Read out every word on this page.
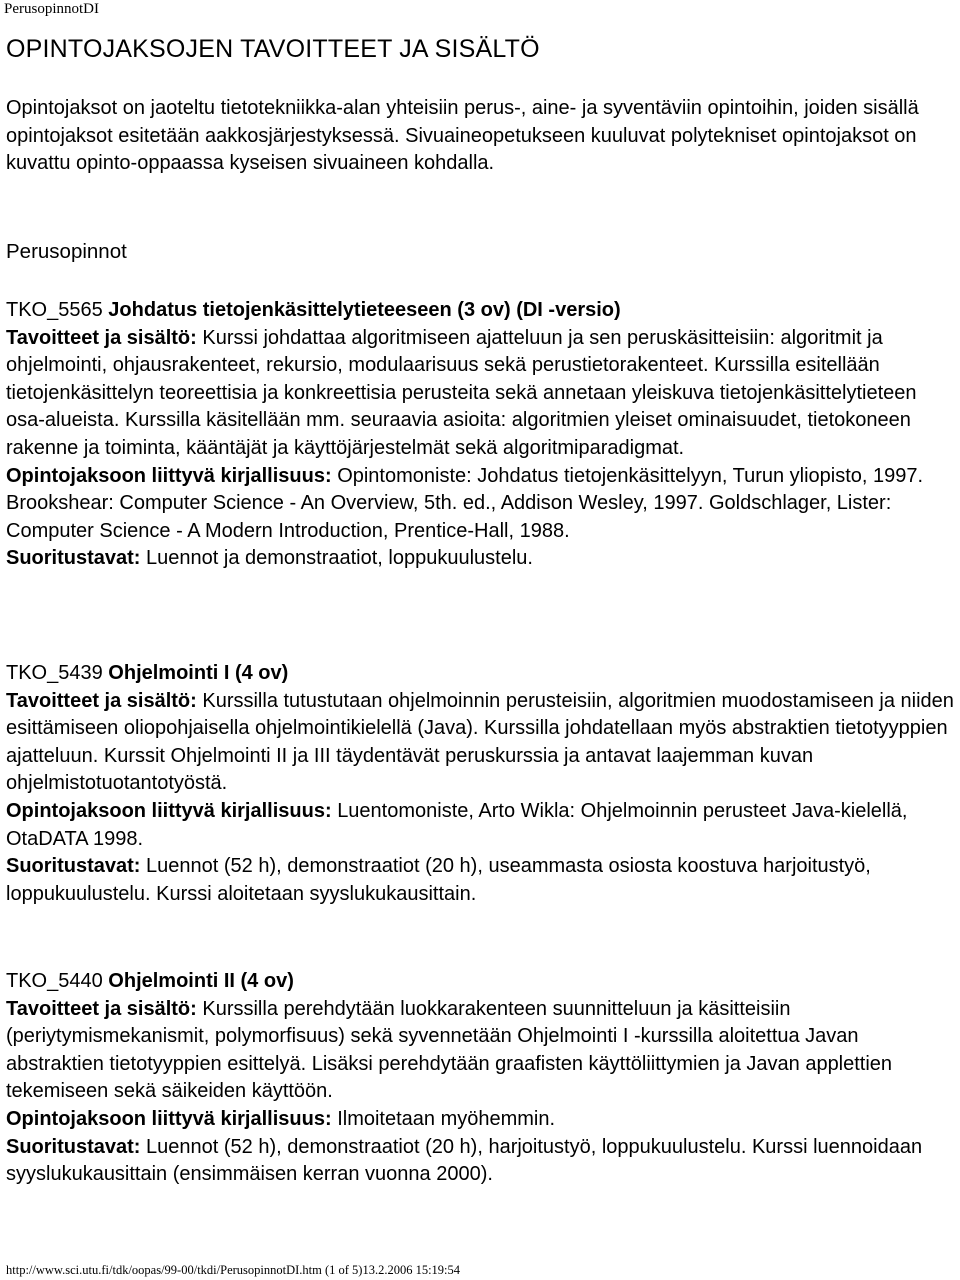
PerusopinnotDI
OPINTOJAKSOJEN TAVOITTEET JA SISÄLTÖ

Opintojaksot on jaoteltu tietotekniikka-alan yhteisiin perus-, aine- ja syventäviin opintoihin, joiden sisällä opintojaksot esitetään aakkosjärjestyksessä. Sivuaineopetukseen kuuluvat polytekniset opintojaksot on kuvattu opinto-oppaassa kyseisen sivuaineen kohdalla.

Perusopinnot

TKO_5565 Johdatus tietojenkäsittelytieteeseen (3 ov) (DI -versio)

Tavoitteet ja sisältö: Kurssi johdattaa algoritmiseen ajatteluun ja sen peruskäsitteisiin: algoritmit ja ohjelmointi, ohjausrakenteet, rekursio, modulaarisuus sekä perustietorakenteet. Kurssilla esitellään tietojenkäsittelyn teoreettisia ja konkreettisia perusteita sekä annetaan yleiskuva tietojenkäsittelytieteen osa-alueista. Kurssilla käsitellään mm. seuraavia asioita: algoritmien yleiset ominaisuudet, tietokoneen rakenne ja toiminta, kääntäjät ja käyttöjärjestelmät sekä algoritmiparadigmat.

Opintojaksoon liittyvä kirjallisuus: Opintomoniste: Johdatus tietojenkäsittelyyn, Turun yliopisto, 1997. Brookshear: Computer Science - An Overview, 5th. ed., Addison Wesley, 1997. Goldschlager, Lister: Computer Science - A Modern Introduction, Prentice-Hall, 1988.

Suoritustavat: Luennot ja demonstraatiot, loppukuulustelu.

TKO_5439 Ohjelmointi I (4 ov)

Tavoitteet ja sisältö: Kurssilla tutustutaan ohjelmoinnin perusteisiin, algoritmien muodostamiseen ja niiden esittämiseen oliopohjaisella ohjelmointikielellä (Java). Kurssilla johdatellaan myös abstraktien tietotyyppien ajatteluun. Kurssit Ohjelmointi II ja III täydentävät peruskurssia ja antavat laajemman kuvan ohjelmistotuotantotyöstä.

Opintojaksoon liittyvä kirjallisuus: Luentomoniste, Arto Wikla: Ohjelmoinnin perusteet Java-kielellä, OtaDATA 1998.

Suoritustavat: Luennot (52 h), demonstraatiot (20 h), useammasta osiosta koostuva harjoitustyö, loppukuulustelu. Kurssi aloitetaan syyslukukausittain.

TKO_5440 Ohjelmointi II (4 ov)

Tavoitteet ja sisältö: Kurssilla perehdytään luokkarakenteen suunnitteluun ja käsitteisiin (periytymismekanismit, polymorfisuus) sekä syvennetään Ohjelmointi I -kurssilla aloitettua Javan abstraktien tietotyyppien esittelyä. Lisäksi perehdytään graafisten käyttöliittymien ja Javan applettien tekemiseen sekä säikeiden käyttöön.

Opintojaksoon liittyvä kirjallisuus: Ilmoitetaan myöhemmin.

Suoritustavat: Luennot (52 h), demonstraatiot (20 h), harjoitustyö, loppukuulustelu. Kurssi luennoidaan syyslukukausittain (ensimmäisen kerran vuonna 2000).

http://www.sci.utu.fi/tdk/oopas/99-00/tkdi/PerusopinnotDI.htm (1 of 5)13.2.2006 15:19:54
